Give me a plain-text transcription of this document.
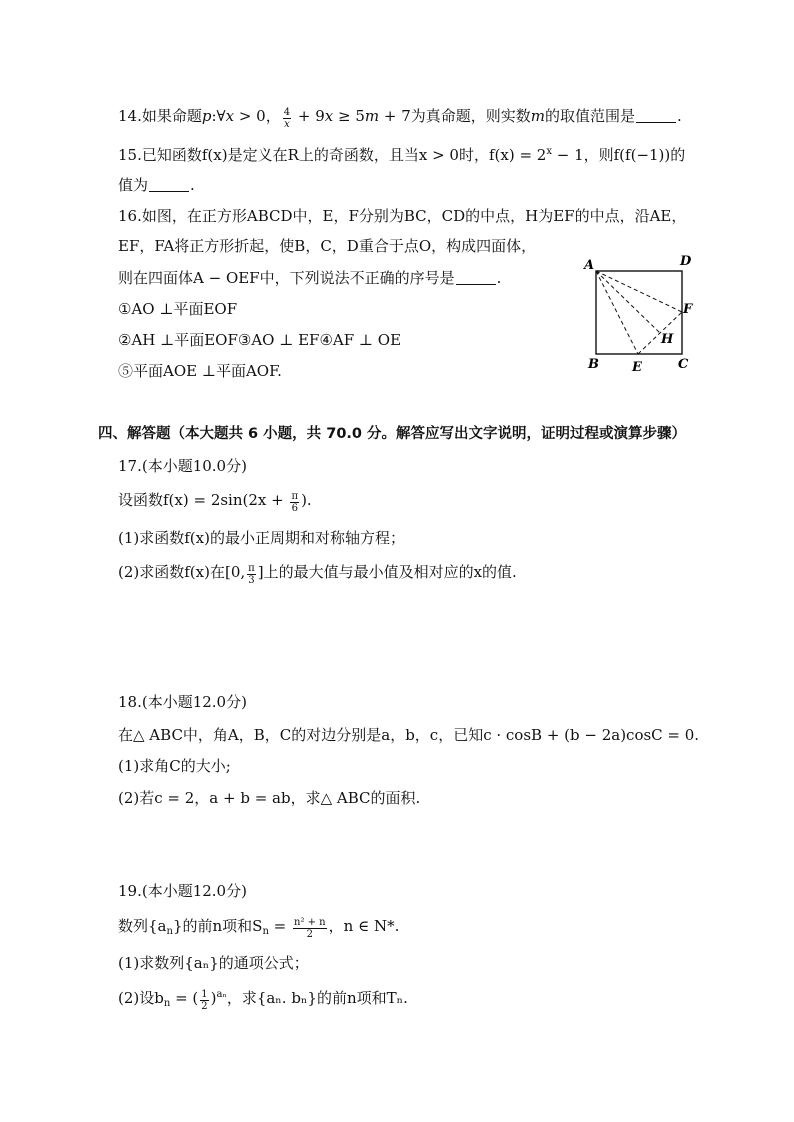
14.如果命题p:∀x > 0， $\frac{4}{x} + 9x \ge 5m + 7$为真命题，则实数m的取值范围是	.
15.已知函数f(x)是定义在R上的奇函数，且当x > 0时，$f(x) = 2^x - 1$，则f(f(−1))的
值为	.
16.如图，在正方形ABCD中，E，F分别为BC，CD的中点，H为EF的中点，沿AE，
EF，FA将正方形折起，使B，C，D重合于点O，构成四面体，
则在四面体A − OEF中，下列说法不正确的序号是	.
①AO ⊥平面EOF
②AH ⊥平面EOF③AO ⊥ EF④AF ⊥ OE
⑤平面AOE ⊥平面AOF.
A	D
F
H
B	E	C
四、解答题（本大题共 6 小题，共 70.0 分。解答应写出文字说明，证明过程或演算步骤）
17.(本小题10.0分)
设函数$f(x) = 2\sin(2x + \frac{\pi}{6}$ ).
(1)求函数f(x)的最小正周期和对称轴方程；
(2)求函数f(x)在[0, $\frac{\pi}{3}$ ]上的最大值与最小值及相对应的x的值.
18.(本小题12.0分)
在△ ABC中，角A，B，C的对边分别是a，b，c，已知c · cosB + (b − 2a)cosC = 0.
(1)求角C的大小;
(2)若c = 2，a + b = ab，求△ ABC的面积.
19.(本小题12.0分)
数列$\{a_n\}$的前n项和$S_n = \frac{\text{n² + n}}{2}$ ，n ∈ N*.
(1)求数列{aₙ}的通项公式；
(2)设$b_n$ = ( $\frac{1}{2} )^{a_n}$，求{aₙ. bₙ}的前n项和Tₙ.
